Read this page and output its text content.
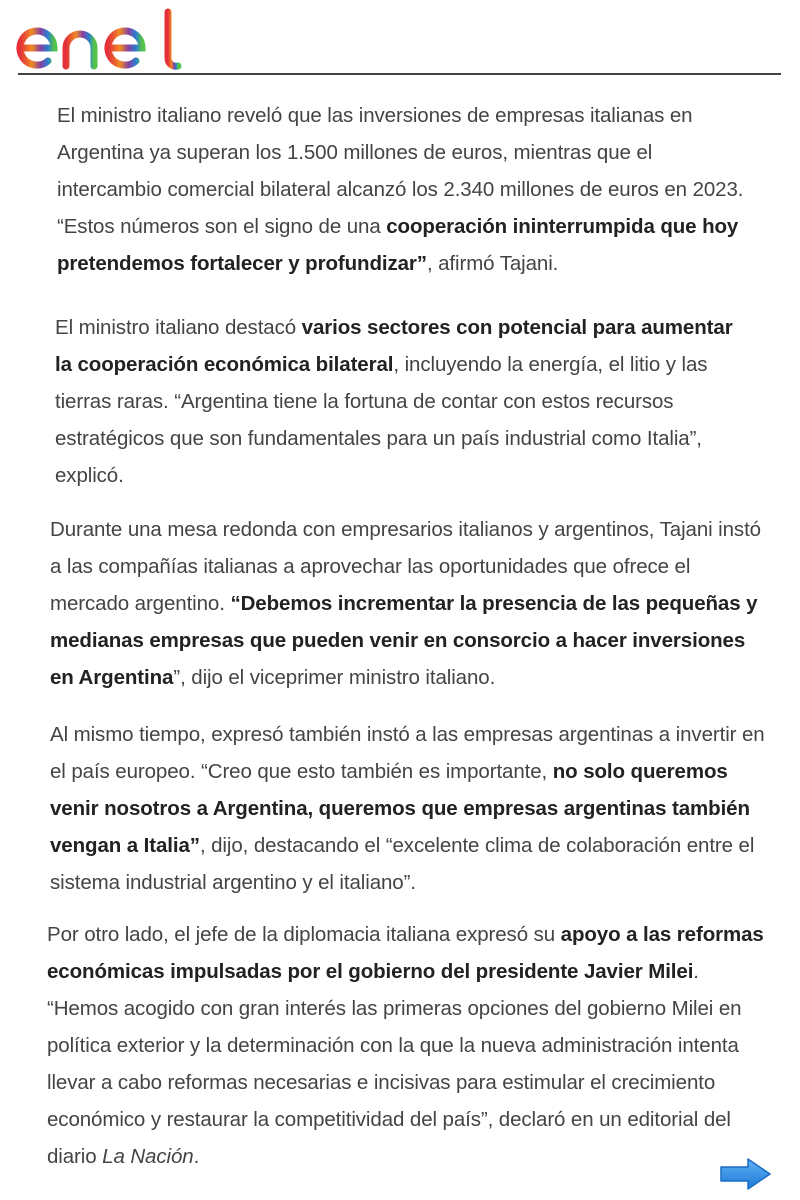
El ministro italiano reveló que las inversiones de empresas italianas en Argentina ya superan los 1.500 millones de euros, mientras que el intercambio comercial bilateral alcanzó los 2.340 millones de euros en 2023. “Estos números son el signo de una cooperación ininterrumpida que hoy pretendemos fortalecer y profundizar”, afirmó Tajani.

El ministro italiano destacó varios sectores con potencial para aumentar la cooperación económica bilateral, incluyendo la energía, el litio y las tierras raras. “Argentina tiene la fortuna de contar con estos recursos estratégicos que son fundamentales para un país industrial como Italia”, explicó.

Durante una mesa redonda con empresarios italianos y argentinos, Tajani instó a las compañías italianas a aprovechar las oportunidades que ofrece el mercado argentino. “Debemos incrementar la presencia de las pequeñas y medianas empresas que pueden venir en consorcio a hacer inversiones en Argentina”, dijo el viceprimer ministro italiano.

Al mismo tiempo, expresó también instó a las empresas argentinas a invertir en el país europeo. “Creo que esto también es importante, no solo queremos venir nosotros a Argentina, queremos que empresas argentinas también vengan a Italia”, dijo, destacando el “excelente clima de colaboración entre el sistema industrial argentino y el italiano”.

Por otro lado, el jefe de la diplomacia italiana expresó su apoyo a las reformas económicas impulsadas por el gobierno del presidente Javier Milei. “Hemos acogido con gran interés las primeras opciones del gobierno Milei en política exterior y la determinación con la que la nueva administración intenta llevar a cabo reformas necesarias e incisivas para estimular el crecimiento económico y restaurar la competitividad del país”, declaró en un editorial del diario La Nación.
